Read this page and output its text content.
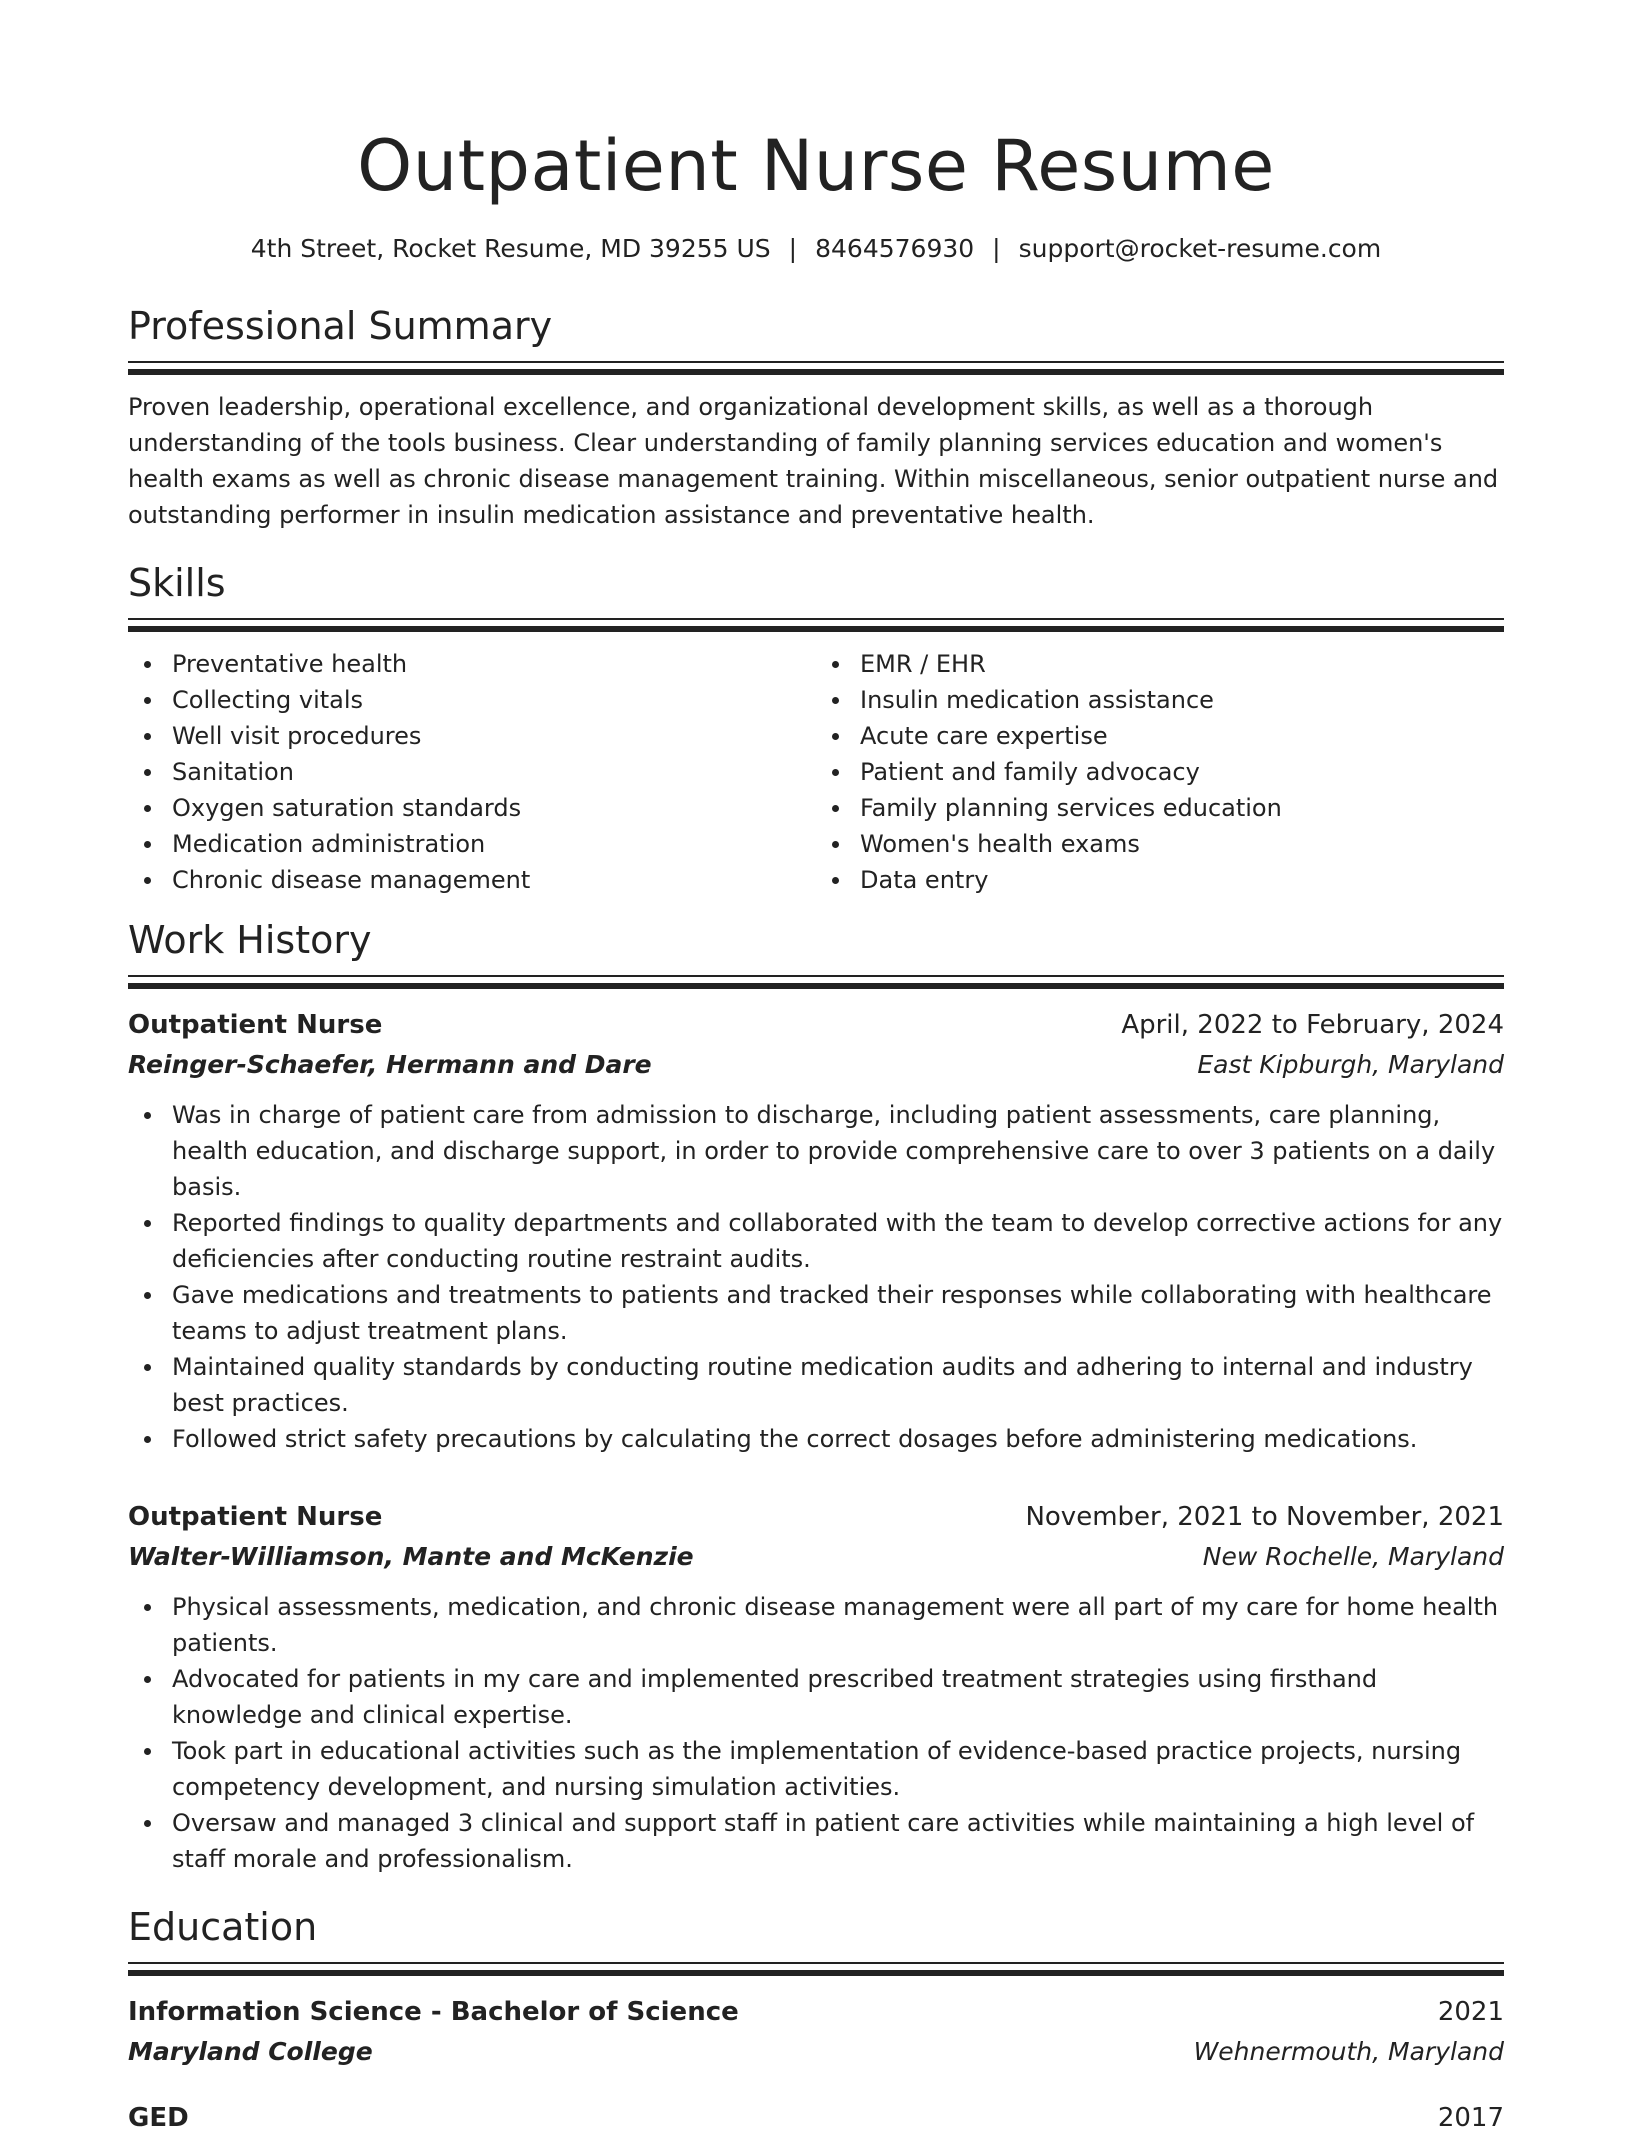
Outpatient Nurse Resume
4th Street, Rocket Resume, MD 39255 US | 8464576930 | support@rocket-resume.com
Professional Summary

Proven leadership, operational excellence, and organizational development skills, as well as a thorough understanding of the tools business. Clear understanding of family planning services education and women's health exams as well as chronic disease management training. Within miscellaneous, senior outpatient nurse and outstanding performer in insulin medication assistance and preventative health.

Skills
Preventative health
Collecting vitals
Well visit procedures
Sanitation
Oxygen saturation standards
Medication administration
Chronic disease management
EMR / EHR
Insulin medication assistance
Acute care expertise
Patient and family advocacy
Family planning services education
Women's health exams
Data entry
Work History
Outpatient Nurse	April, 2022 to February, 2024
Reinger-Schaefer, Hermann and Dare	East Kipburgh, Maryland
Was in charge of patient care from admission to discharge, including patient assessments, care planning, health education, and discharge support, in order to provide comprehensive care to over 3 patients on a daily basis.
Reported findings to quality departments and collaborated with the team to develop corrective actions for any deficiencies after conducting routine restraint audits.
Gave medications and treatments to patients and tracked their responses while collaborating with healthcare teams to adjust treatment plans.
Maintained quality standards by conducting routine medication audits and adhering to internal and industry best practices.
Followed strict safety precautions by calculating the correct dosages before administering medications.
Outpatient Nurse	November, 2021 to November, 2021
Walter-Williamson, Mante and McKenzie	New Rochelle, Maryland
Physical assessments, medication, and chronic disease management were all part of my care for home health patients.
Advocated for patients in my care and implemented prescribed treatment strategies using firsthand knowledge and clinical expertise.
Took part in educational activities such as the implementation of evidence-based practice projects, nursing competency development, and nursing simulation activities.
Oversaw and managed 3 clinical and support staff in patient care activities while maintaining a high level of staff morale and professionalism.
Education
Information Science - Bachelor of Science	2021
Maryland College	Wehnermouth, Maryland
GED	2017
